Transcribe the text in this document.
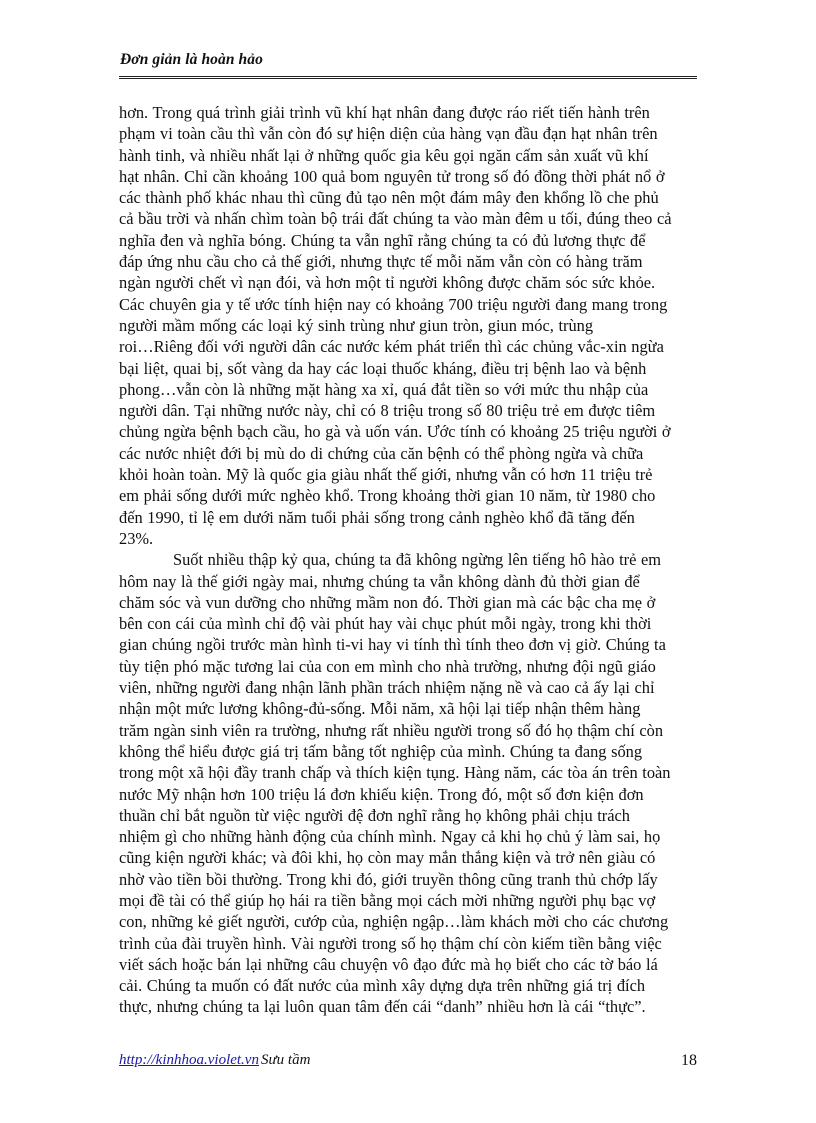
Đơn giản là hoàn hảo
hơn. Trong quá trình giải trình vũ khí hạt nhân đang được ráo riết tiến hành trên
phạm vi toàn cầu thì vẫn còn đó sự hiện diện của hàng vạn đầu đạn hạt nhân trên
hành tinh, và nhiều nhất lại ở những quốc gia kêu gọi ngăn cấm sản xuất vũ khí
hạt nhân. Chỉ cần khoảng 100 quả bom nguyên tử trong số đó đồng thời phát nổ ở
các thành phố khác nhau thì cũng đủ tạo nên một đám mây đen khổng lồ che phủ
cả bầu trời và nhấn chìm toàn bộ trái đất chúng ta vào màn đêm u tối, đúng theo cả
nghĩa đen và nghĩa bóng. Chúng ta vẫn nghĩ rằng chúng ta có đủ lương thực để
đáp ứng nhu cầu cho cả thế giới, nhưng thực tế mỗi năm vẫn còn có hàng trăm
ngàn người chết vì nạn đói, và hơn một tỉ người không được chăm sóc sức khỏe.
Các chuyên gia y tế ước tính hiện nay có khoảng 700 triệu người đang mang trong
người mầm mống các loại ký sinh trùng như giun tròn, giun móc, trùng
roi…Riêng đối với người dân các nước kém phát triển thì các chủng vắc-xin ngừa
bại liệt, quai bị, sốt vàng da hay các loại thuốc kháng, điều trị bệnh lao và bệnh
phong…vẫn còn là những mặt hàng xa xỉ, quá đắt tiền so với mức thu nhập của
người dân. Tại những nước này, chỉ có 8 triệu trong số 80 triệu trẻ em được tiêm
chủng ngừa bệnh bạch cầu, ho gà và uốn ván. Ước tính có khoảng 25 triệu người ở
các nước nhiệt đới bị mù do di chứng của căn bệnh có thể phòng ngừa và chữa
khỏi hoàn toàn. Mỹ là quốc gia giàu nhất thế giới, nhưng vẫn có hơn 11 triệu trẻ
em phải sống dưới mức nghèo khổ. Trong khoảng thời gian 10 năm, từ 1980 cho
đến 1990, tỉ lệ em dưới năm tuổi phải sống trong cảnh nghèo khổ đã tăng đến
23%.
Suốt nhiều thập kỷ qua, chúng ta đã không ngừng lên tiếng hô hào trẻ em
hôm nay là thế giới ngày mai, nhưng chúng ta vẫn không dành đủ thời gian để
chăm sóc và vun dưỡng cho những mầm non đó. Thời gian mà các bậc cha mẹ ở
bên con cái của mình chỉ độ vài phút hay vài chục phút mỗi ngày, trong khi thời
gian chúng ngồi trước màn hình ti-vi hay vi tính thì tính theo đơn vị giờ. Chúng ta
tùy tiện phó mặc tương lai của con em mình cho nhà trường, nhưng đội ngũ giáo
viên, những người đang nhận lãnh phần trách nhiệm nặng nề và cao cả ấy lại chỉ
nhận một mức lương không-đủ-sống. Mỗi năm, xã hội lại tiếp nhận thêm hàng
trăm ngàn sinh viên ra trường, nhưng rất nhiều người trong số đó họ thậm chí còn
không thể hiểu được giá trị tấm bằng tốt nghiệp của mình. Chúng ta đang sống
trong một xã hội đầy tranh chấp và thích kiện tụng. Hàng năm, các tòa án trên toàn
nước Mỹ nhận hơn 100 triệu lá đơn khiếu kiện. Trong đó, một số đơn kiện đơn
thuần chỉ bắt nguồn từ việc người đệ đơn nghĩ rằng họ không phải chịu trách
nhiệm gì cho những hành động của chính mình. Ngay cả khi họ chủ ý làm sai, họ
cũng kiện người khác; và đôi khi, họ còn may mắn thắng kiện và trở nên giàu có
nhờ vào tiền bồi thường. Trong khi đó, giới truyền thông cũng tranh thủ chớp lấy
mọi đề tài có thể giúp họ hái ra tiền bằng mọi cách mời những người phụ bạc vợ
con, những kẻ giết người, cướp của, nghiện ngập…làm khách mời cho các chương
trình của đài truyền hình. Vài người trong số họ thậm chí còn kiếm tiền bằng việc
viết sách hoặc bán lại những câu chuyện vô đạo đức mà họ biết cho các tờ báo lá
cải. Chúng ta muốn có đất nước của mình xây dựng dựa trên những giá trị đích
thực, nhưng chúng ta lại luôn quan tâm đến cái “danh” nhiều hơn là cái “thực”.
http://kinhhoa.violet.vn Sưu tầm	18
